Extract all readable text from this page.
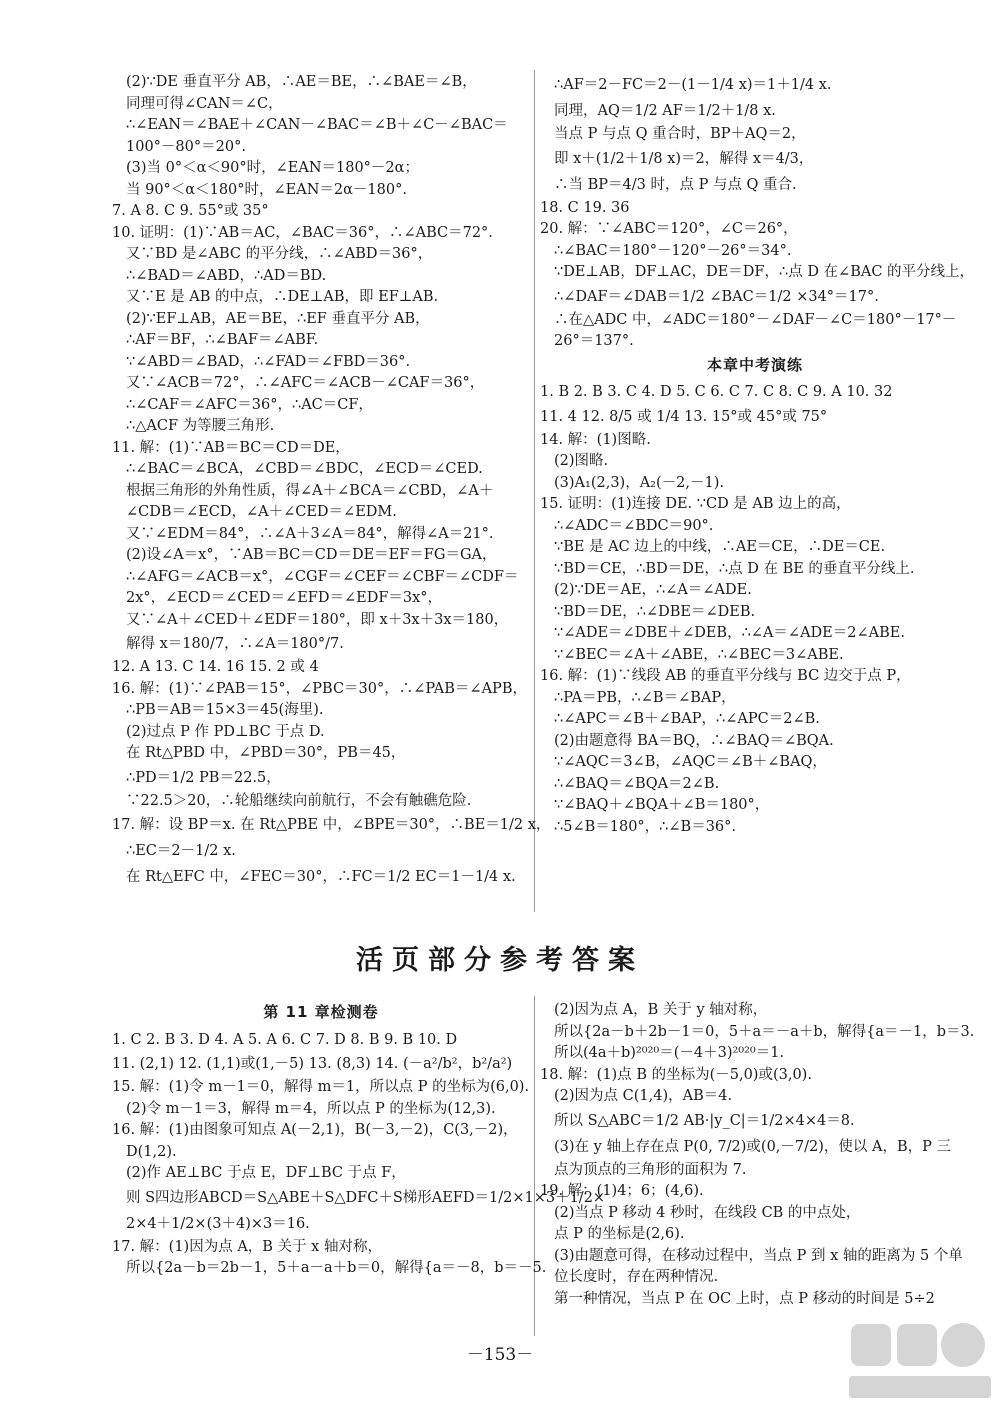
(2)∵DE 垂直平分 AB，∴AE＝BE，∴∠BAE＝∠B，
同理可得∠CAN＝∠C，
∴∠EAN＝∠BAE＋∠CAN－∠BAC＝∠B＋∠C－∠BAC＝
100°－80°＝20°.
(3)当 0°＜α＜90°时，∠EAN＝180°－2α；
当 90°＜α＜180°时，∠EAN＝2α－180°.
7. A 8. C 9. 55°或 35°
10. 证明：(1)∵AB＝AC，∠BAC＝36°，∴∠ABC＝72°.
又∵BD 是∠ABC 的平分线，∴∠ABD＝36°，
∴∠BAD＝∠ABD，∴AD＝BD.
又∵E 是 AB 的中点，∴DE⊥AB，即 EF⊥AB.
(2)∵EF⊥AB，AE＝BE，∴EF 垂直平分 AB，
∴AF＝BF，∴∠BAF＝∠ABF.
∵∠ABD＝∠BAD，∴∠FAD＝∠FBD＝36°.
又∵∠ACB＝72°，∴∠AFC＝∠ACB－∠CAF＝36°，
∴∠CAF＝∠AFC＝36°，∴AC＝CF，
∴△ACF 为等腰三角形.
11. 解：(1)∵AB＝BC＝CD＝DE，
∴∠BAC＝∠BCA，∠CBD＝∠BDC，∠ECD＝∠CED.
根据三角形的外角性质，得∠A＋∠BCA＝∠CBD，∠A＋
∠CDB＝∠ECD，∠A＋∠CED＝∠EDM.
又∵∠EDM＝84°，∴∠A＋3∠A＝84°，解得∠A＝21°.
(2)设∠A＝x°，∵AB＝BC＝CD＝DE＝EF＝FG＝GA，
∴∠AFG＝∠ACB＝x°，∠CGF＝∠CEF＝∠CBF＝∠CDF＝
2x°，∠ECD＝∠CED＝∠EFD＝∠EDF＝3x°，
又∵∠A＋∠CED＋∠EDF＝180°，即 x＋3x＋3x＝180，
解得 x＝180/7，∴∠A＝180°/7.
12. A 13. C 14. 16 15. 2 或 4
16. 解：(1)∵∠PAB＝15°，∠PBC＝30°，∴∠PAB＝∠APB，
∴PB＝AB＝15×3＝45(海里).
(2)过点 P 作 PD⊥BC 于点 D.
在 Rt△PBD 中，∠PBD＝30°，PB＝45，
∴PD＝1/2 PB＝22.5，
∵22.5＞20，∴轮船继续向前航行，不会有触礁危险.
17. 解：设 BP＝x. 在 Rt△PBE 中，∠BPE＝30°，∴BE＝1/2 x，
∴EC＝2－1/2 x.
在 Rt△EFC 中，∠FEC＝30°，∴FC＝1/2 EC＝1－1/4 x.
∴AF＝2－FC＝2－(1－1/4 x)＝1＋1/4 x.
同理，AQ＝1/2 AF＝1/2＋1/8 x.
当点 P 与点 Q 重合时，BP＋AQ＝2，
即 x＋(1/2＋1/8 x)＝2，解得 x＝4/3，
∴当 BP＝4/3 时，点 P 与点 Q 重合.
18. C 19. 36
20. 解：∵∠ABC＝120°，∠C＝26°，
∴∠BAC＝180°－120°－26°＝34°.
∵DE⊥AB，DF⊥AC，DE＝DF，∴点 D 在∠BAC 的平分线上，
∴∠DAF＝∠DAB＝1/2 ∠BAC＝1/2 ×34°＝17°.
∴在△ADC 中，∠ADC＝180°－∠DAF－∠C＝180°－17°－
26°＝137°.
本章中考演练
1. B 2. B 3. C 4. D 5. C 6. C 7. C 8. C 9. A 10. 32
11. 4 12. 8/5 或 1/4 13. 15°或 45°或 75°
14. 解：(1)图略.
(2)图略.
(3)A₁(2,3)，A₂(－2,－1).
15. 证明：(1)连接 DE. ∵CD 是 AB 边上的高，
∴∠ADC＝∠BDC＝90°.
∵BE 是 AC 边上的中线，∴AE＝CE，∴DE＝CE.
∵BD＝CE，∴BD＝DE，∴点 D 在 BE 的垂直平分线上.
(2)∵DE＝AE，∴∠A＝∠ADE.
∵BD＝DE，∴∠DBE＝∠DEB.
∵∠ADE＝∠DBE＋∠DEB，∴∠A＝∠ADE＝2∠ABE.
∵∠BEC＝∠A＋∠ABE，∴∠BEC＝3∠ABE.
16. 解：(1)∵线段 AB 的垂直平分线与 BC 边交于点 P，
∴PA＝PB，∴∠B＝∠BAP，
∴∠APC＝∠B＋∠BAP，∴∠APC＝2∠B.
(2)由题意得 BA＝BQ，∴∠BAQ＝∠BQA.
∵∠AQC＝3∠B，∠AQC＝∠B＋∠BAQ，
∴∠BAQ＝∠BQA＝2∠B.
∵∠BAQ＋∠BQA＋∠B＝180°，
∴5∠B＝180°，∴∠B＝36°.
活页部分参考答案
第 11 章检测卷
1. C 2. B 3. D 4. A 5. A 6. C 7. D 8. B 9. B 10. D
11. (2,1) 12. (1,1)或(1,－5) 13. (8,3) 14. (－a²/b²，b²/a²)
15. 解：(1)令 m－1＝0，解得 m＝1，所以点 P 的坐标为(6,0).
(2)令 m－1＝3，解得 m＝4，所以点 P 的坐标为(12,3).
16. 解：(1)由图象可知点 A(－2,1)，B(－3,－2)，C(3,－2)，
D(1,2).
(2)作 AE⊥BC 于点 E，DF⊥BC 于点 F，
则 S四边形ABCD＝S△ABE＋S△DFC＋S梯形AEFD＝1/2×1×3＋1/2×
2×4＋1/2×(3＋4)×3＝16.
17. 解：(1)因为点 A，B 关于 x 轴对称，
所以{2a－b＝2b－1，5＋a－a＋b＝0，解得{a＝－8，b＝－5.
(2)因为点 A，B 关于 y 轴对称，
所以{2a－b＋2b－1＝0，5＋a＝－a＋b，解得{a＝－1，b＝3.
所以(4a＋b)²⁰²⁰＝(－4＋3)²⁰²⁰＝1.
18. 解：(1)点 B 的坐标为(－5,0)或(3,0).
(2)因为点 C(1,4)，AB＝4.
所以 S△ABC＝1/2 AB·|y_C|＝1/2×4×4＝8.
(3)在 y 轴上存在点 P(0, 7/2)或(0,－7/2)，使以 A，B，P 三
点为顶点的三角形的面积为 7.
19. 解：(1)4；6；(4,6).
(2)当点 P 移动 4 秒时，在线段 CB 的中点处，
点 P 的坐标是(2,6).
(3)由题意可得，在移动过程中，当点 P 到 x 轴的距离为 5 个单
位长度时，存在两种情况.
第一种情况，当点 P 在 OC 上时，点 P 移动的时间是 5÷2
－153－
